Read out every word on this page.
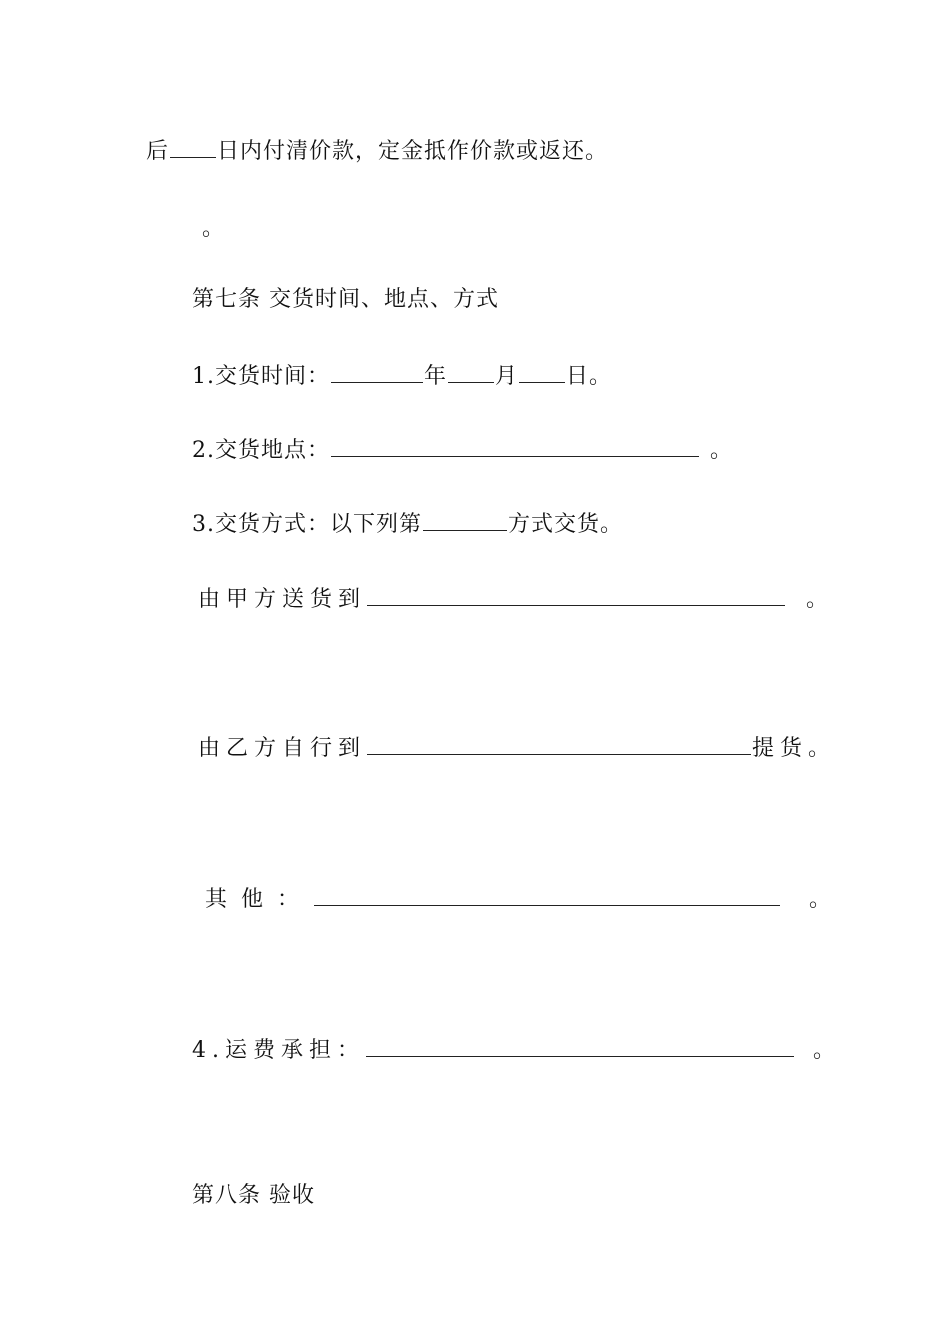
后 日内付清价款，定金抵作价款或返还。
。
第七条 交货时间、地点、方式
1.交货时间：	年 月 日。
2.交货地点：	。
3.交货方式：以下列第	方式交货。
由甲方送货到	。
由乙方自行到	提货。
其他：	。
4.运费承担：	。
第八条 验收
